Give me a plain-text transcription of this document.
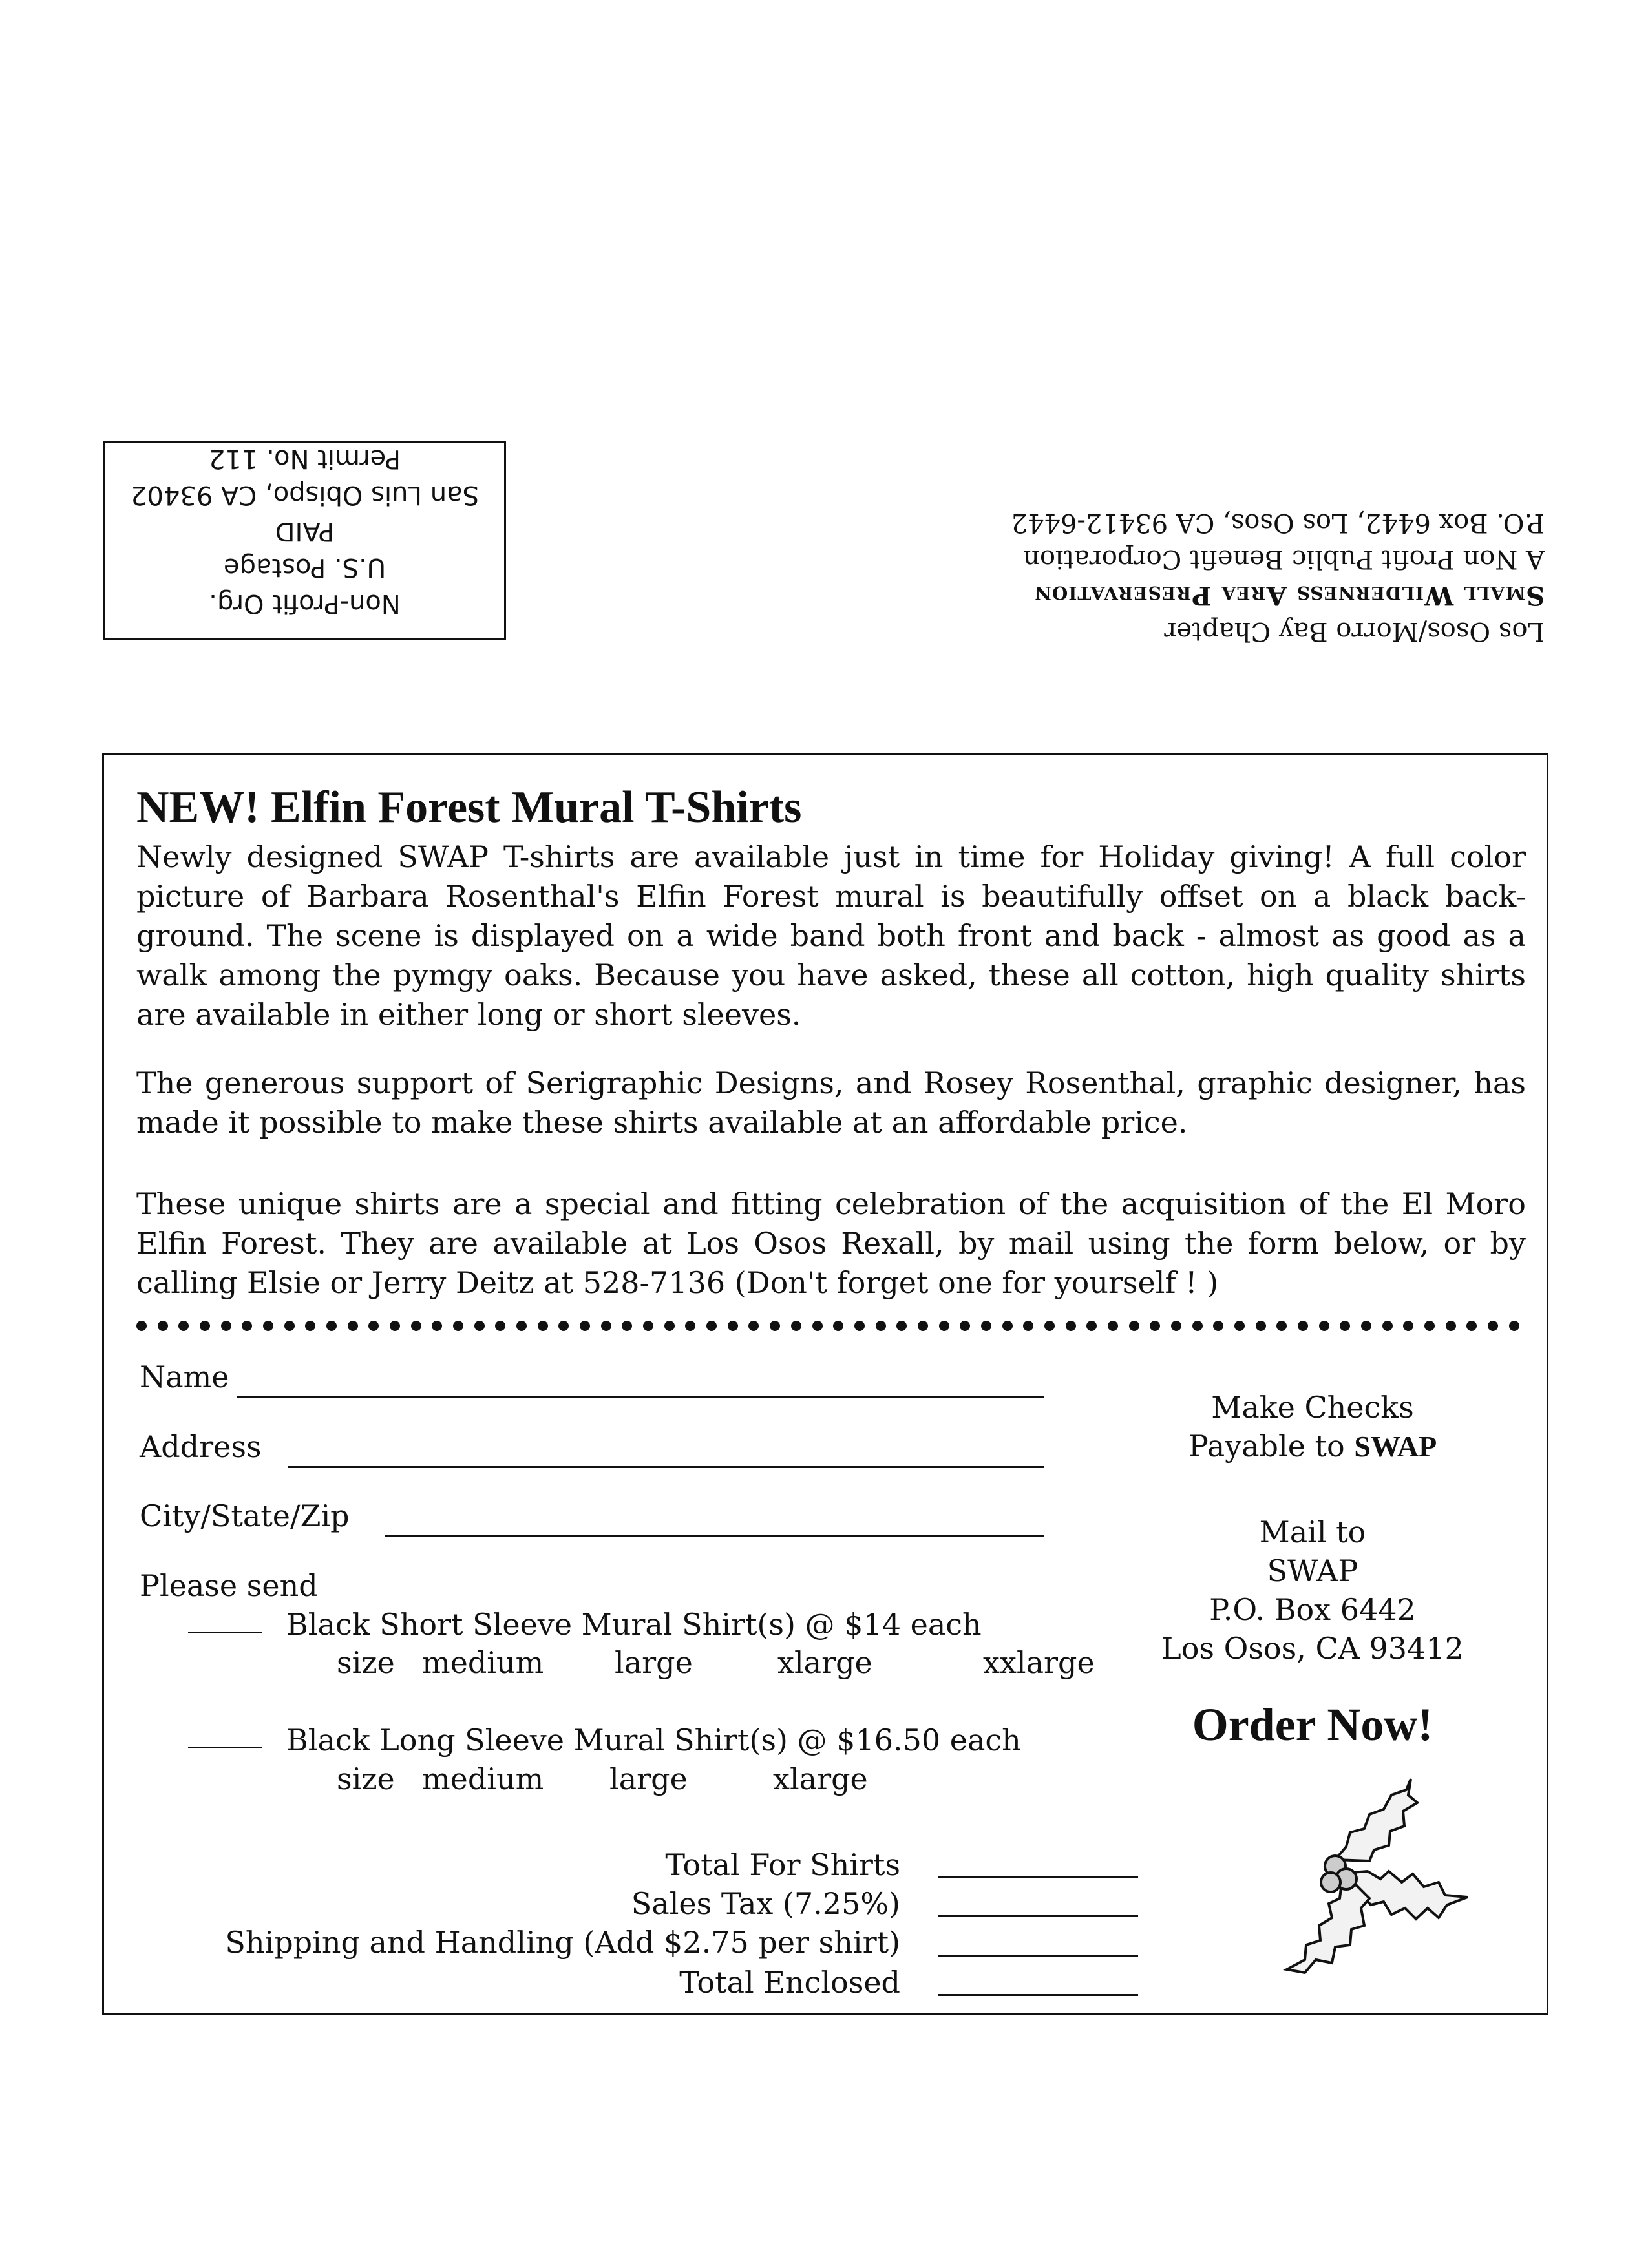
Los Osos/Morro Bay Chapter
Small Wilderness Area Preservation
A Non Profit Public Benefit Corporation
P.O. Box 6442, Los Osos, CA 93412-6442
Non-Profit Org.
U.S. Postage
PAID
San Luis Obispo, CA 93402
Permit No. 112
NEW! Elfin Forest Mural T-Shirts
Newly designed SWAP T-shirts are available just in time for Holiday giving! A full color picture of Barbara Rosenthal's Elfin Forest mural is beautifully offset on a black back-ground. The scene is displayed on a wide band both front and back - almost as good as a walk among the pymgy oaks. Because you have asked, these all cotton, high quality shirts are available in either long or short sleeves.
The generous support of Serigraphic Designs, and Rosey Rosenthal, graphic designer, has made it possible to make these shirts available at an affordable price.
These unique shirts are a special and fitting celebration of the acquisition of the El Moro Elfin Forest. They are available at Los Osos Rexall, by mail using the form below, or by calling Elsie or Jerry Deitz at 528-7136 (Don't forget one for yourself ! )
Name
Address
City/State/Zip
Please send
Black Short Sleeve Mural Shirt(s) @ $14 each
size medium large	xlarge	xxlarge
Black Long Sleeve Mural Shirt(s) @ $16.50 each
size medium large	xlarge
Total For Shirts
Sales Tax (7.25%)
Shipping and Handling (Add $2.75 per shirt)
Total Enclosed
Make Checks
Payable to SWAP
Mail to
SWAP
P.O. Box 6442
Los Osos, CA 93412
Order Now!
